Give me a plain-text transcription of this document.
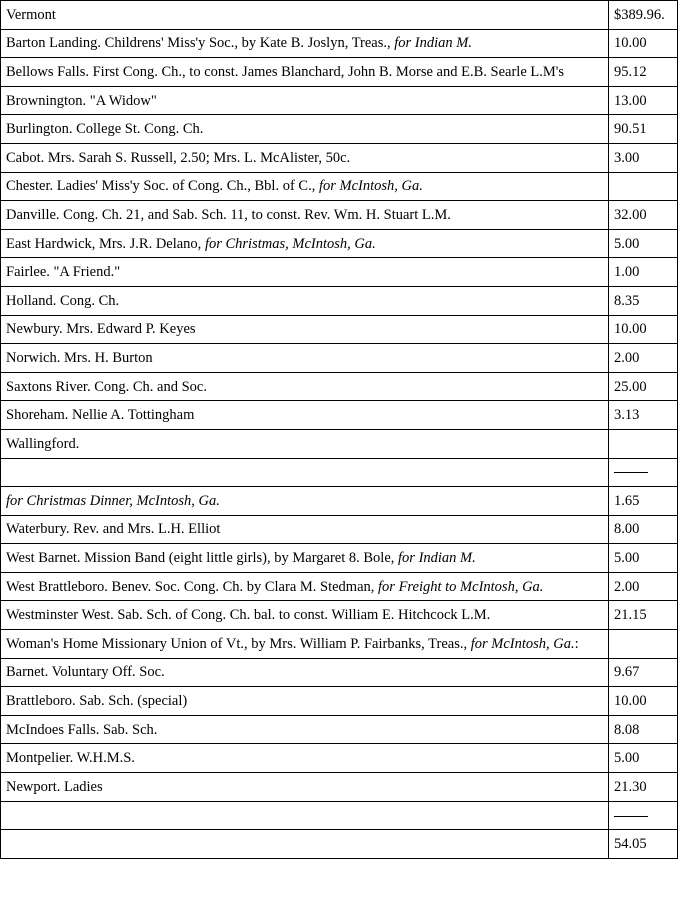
Vermont	$389.96.
Barton Landing. Childrens' Miss'y Soc., by Kate B. Joslyn, Treas., for Indian M.	10.00
Bellows Falls. First Cong. Ch., to const. James Blanchard, John B. Morse and E.B. Searle L.M's	95.12
Brownington. "A Widow"	13.00
Burlington. College St. Cong. Ch.	90.51
Cabot. Mrs. Sarah S. Russell, 2.50; Mrs. L. McAlister, 50c.	3.00
Chester. Ladies' Miss'y Soc. of Cong. Ch., Bbl. of C., for McIntosh, Ga.	
Danville. Cong. Ch. 21, and Sab. Sch. 11, to const. Rev. Wm. H. Stuart L.M.	32.00
East Hardwick, Mrs. J.R. Delano, for Christmas, McIntosh, Ga.	5.00
Fairlee. "A Friend."	1.00
Holland. Cong. Ch.	8.35
Newbury. Mrs. Edward P. Keyes	10.00
Norwich. Mrs. H. Burton	2.00
Saxtons River. Cong. Ch. and Soc.	25.00
Shoreham. Nellie A. Tottingham	3.13
Wallingford.	

for Christmas Dinner, McIntosh, Ga.	1.65
Waterbury. Rev. and Mrs. L.H. Elliot	8.00
West Barnet. Mission Band (eight little girls), by Margaret 8. Bole, for Indian M.	5.00
West Brattleboro. Benev. Soc. Cong. Ch. by Clara M. Stedman, for Freight to McIntosh, Ga.	2.00
Westminster West. Sab. Sch. of Cong. Ch. bal. to const. William E. Hitchcock L.M.	21.15
Woman's Home Missionary Union of Vt., by Mrs. William P. Fairbanks, Treas., for McIntosh, Ga.:	
Barnet. Voluntary Off. Soc.	9.67
Brattleboro. Sab. Sch. (special)	10.00
McIndoes Falls. Sab. Sch.	8.08
Montpelier. W.H.M.S.	5.00
Newport. Ladies	21.30

	54.05
